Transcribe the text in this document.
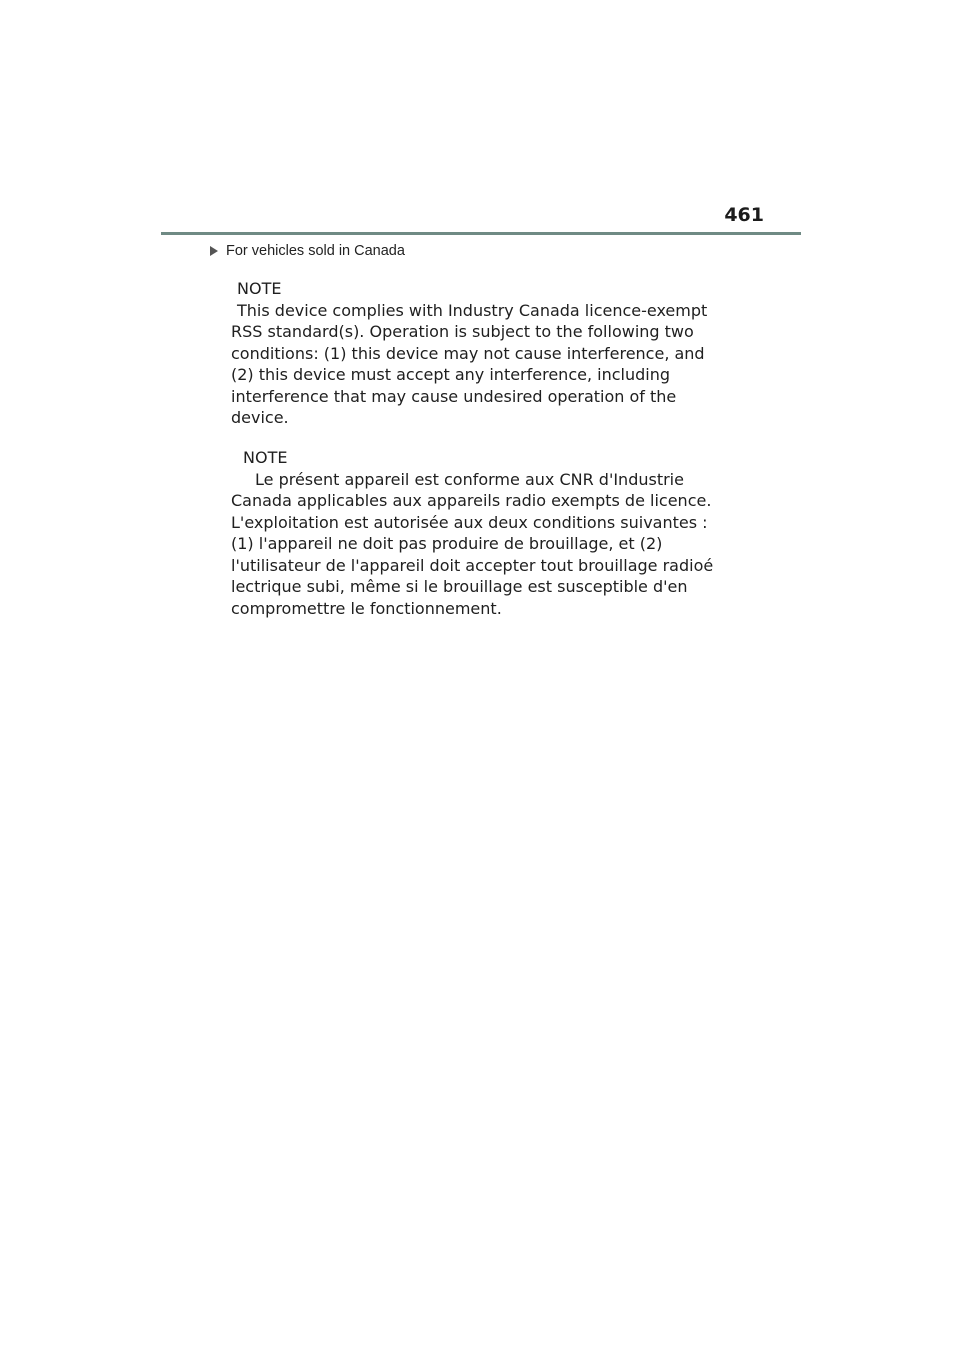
461
For vehicles sold in Canada
NOTE
This device complies with Industry Canada licence-exempt
RSS standard(s). Operation is subject to the following two
conditions: (1) this device may not cause interference, and
(2) this device must accept any interference, including
interference that may cause undesired operation of the
device.
NOTE
Le présent appareil est conforme aux CNR d'Industrie
Canada applicables aux appareils radio exempts de licence.
L'exploitation est autorisée aux deux conditions suivantes :
(1) l'appareil ne doit pas produire de brouillage, et (2)
l'utilisateur de l'appareil doit accepter tout brouillage radioé
lectrique subi, même si le brouillage est susceptible d'en
compromettre le fonctionnement.
